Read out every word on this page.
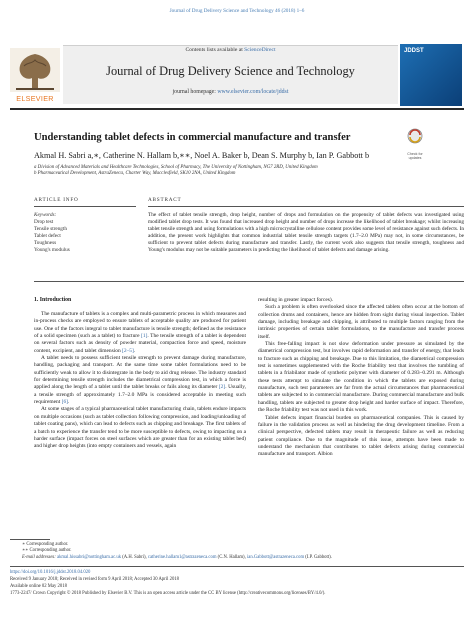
Journal of Drug Delivery Science and Technology 46 (2018) 1–6
Contents lists available at ScienceDirect
Journal of Drug Delivery Science and Technology
journal homepage: www.elsevier.com/locate/jddst
ELSEVIER
JDDST
Understanding tablet defects in commercial manufacture and transfer
Check for updates
Akmal H. Sabri a,∗, Catherine N. Hallam b,∗∗, Noel A. Baker b, Dean S. Murphy b, Ian P. Gabbott b
a Division of Advanced Materials and Healthcare Technologies, School of Pharmacy, The University of Nottingham, NG7 2RD, United Kingdom
b Pharmaceutical Development, AstraZeneca, Charter Way, Macclesfield, SK10 2NA, United Kingdom
ARTICLE INFO	ABSTRACT
Keywords:
Drop test
Tensile strength
Tablet defect
Toughness
Young's modulus
The effect of tablet tensile strength, drop height, number of drops and formulation on the propensity of tablet defects was investigated using modified tablet drop tests. It was found that increased drop height and number of drops increase the likelihood of tablet breakage; whilst increasing tablet tensile strength and using formulations with a high microcrystalline cellulose content provides some level of resistance against such defects. In addition, the present work highlights that common industrial tablet tensile strength targets (1.7–2.0 MPa) may not, in some circumstances, be sufficient to prevent tablet defects during manufacture and transfer. Lastly, the current work also suggests that tensile strength, toughness and Young's modulus may not be suitable parameters in predicting the likelihood of tablet defects and damage arising.
1. Introduction

The manufacture of tablets is a complex and multi-parametric process in which measures and in-process checks are employed to ensure tablets of acceptable quality are produced for patient use. One of the factors integral to tablet manufacture is tensile strength; defined as the resistance of a solid specimen (such as a tablet) to fracture [1]. The tensile strength of a tablet is dependent on several factors such as density of powder material, compaction force and speed, moisture content, excipient, and tablet dimension [2–5].

A tablet needs to possess sufficient tensile strength to prevent damage during manufacture, handling, packaging and transport. At the same time some tablet formulations need to be sufficiently weak to allow it to disintegrate in the body to aid drug release. The industry standard for determining tensile strength includes the diametrical compression test, in which a force is applied along the length of a tablet until the tablet breaks or fails along its diameter [2]. Usually, a tensile strength of approximately 1.7–2.0 MPa is considered acceptable in meeting such requirement [6].

At some stages of a typical pharmaceutical tablet manufacturing chain, tablets endure impacts on multiple occasions (such as tablet collection following compression, and loading/unloading of tablet coating pans), which can lead to defects such as chipping and breakage. The first tablets of a batch to experience the transfer tend to be more susceptible to defects, owing to impacting on a harder surface (impact forces on steel surfaces which are greater than for an existing tablet bed) and higher drop heights (into empty containers and vessels, again

resulting in greater impact forces).

Such a problem is often overlooked since the affected tablets often occur at the bottom of collection drums and containers, hence are hidden from sight during visual inspection. Tablet damage, including breakage and chipping, is attributed to multiple factors ranging from the intrinsic properties of certain tablet formulations, to the manufacture and transfer process itself.

This free-falling impact is not slow deformation under pressure as simulated by the diametrical compression test, but involves rapid deformation and transfer of energy, that leads to fracture such as chipping and breakage. Due to this limitation, the diametrical compression test is sometimes supplemented with the Roche friability test that involves the tumbling of tablets in a friabilator made of synthetic polymer with diameter of 0.283–0.291 m. Although these tests attempt to simulate the condition in which the tablets are exposed during manufacture, such test parameters are far from the actual circumstances that pharmaceutical tablets are subjected to in commercial manufacture. During commercial manufacture and bulk handling, tablets are subjected to greater drop height and harder surface of impact. Therefore, the Roche friability test was not used in this work.

Tablet defects impart financial burden on pharmaceutical companies. This is caused by failure in the validation process as well as hindering the drug development timeline. From a clinical perspective, defected tablets may result in therapeutic failure as well as reducing patient compliance. Due to the magnitude of this issue, attempts have been made to understand the mechanism that contributes to tablet defects arising during commercial manufacture and transport. Albion

∗ Corresponding author.
∗∗ Corresponding author.
E-mail addresses: akmal.hissabri@nottingham.ac.uk (A.H. Sabri), catherine.hallam1@astrazeneca.com (C.N. Hallam), ian.Gabbott@astrazeneca.com (I.P. Gabbott).
https://doi.org/10.1016/j.jddst.2018.04.020
Received 9 January 2018; Received in revised form 9 April 2018; Accepted 30 April 2018
Available online 02 May 2018
1773-2247/ Crown Copyright © 2018 Published by Elsevier B.V. This is an open access article under the CC BY license (http://creativecommons.org/licenses/BY/4.0/).
